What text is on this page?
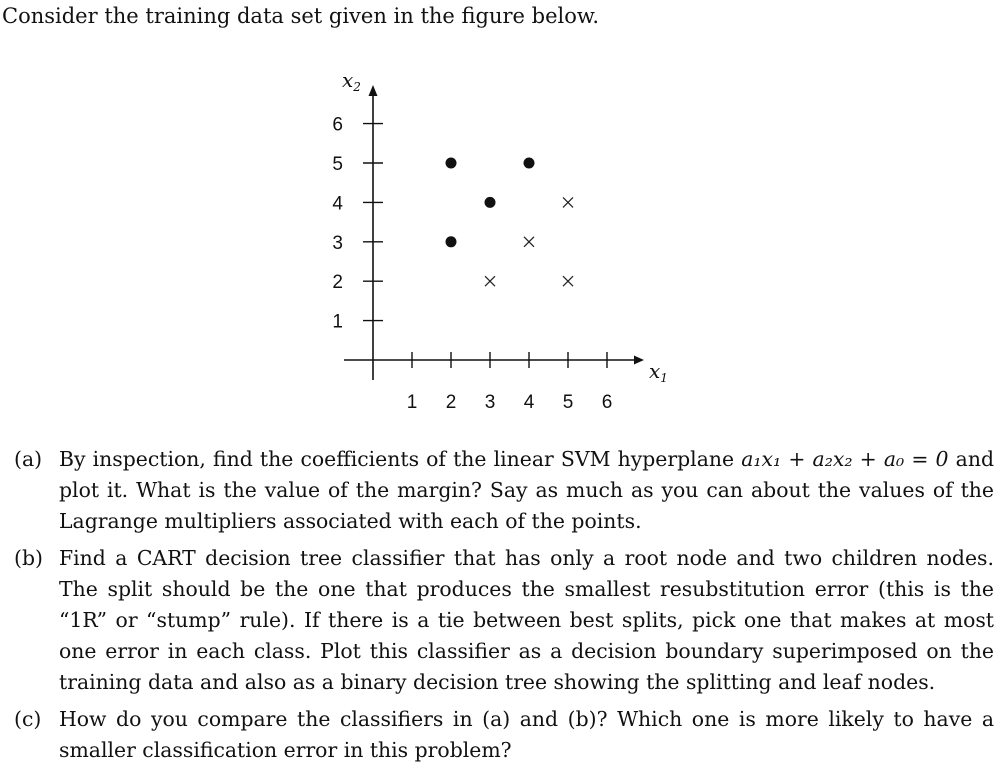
Consider the training data set given in the figure below.
1 2 3 4 5 6
1
2
3
4
5
6
$x_2$
$x_1$
(a) By inspection, find the coefficients of the linear SVM hyperplane a₁x₁ + a₂x₂ + a₀ = 0 and plot it. What is the value of the margin? Say as much as you can about the values of the Lagrange multipliers associated with each of the points.
(b) Find a CART decision tree classifier that has only a root node and two children nodes. The split should be the one that produces the smallest resubstitution error (this is the “1R” or “stump” rule). If there is a tie between best splits, pick one that makes at most one error in each class. Plot this classifier as a decision boundary superimposed on the training data and also as a binary decision tree showing the splitting and leaf nodes.
(c) How do you compare the classifiers in (a) and (b)? Which one is more likely to have a smaller classification error in this problem?
